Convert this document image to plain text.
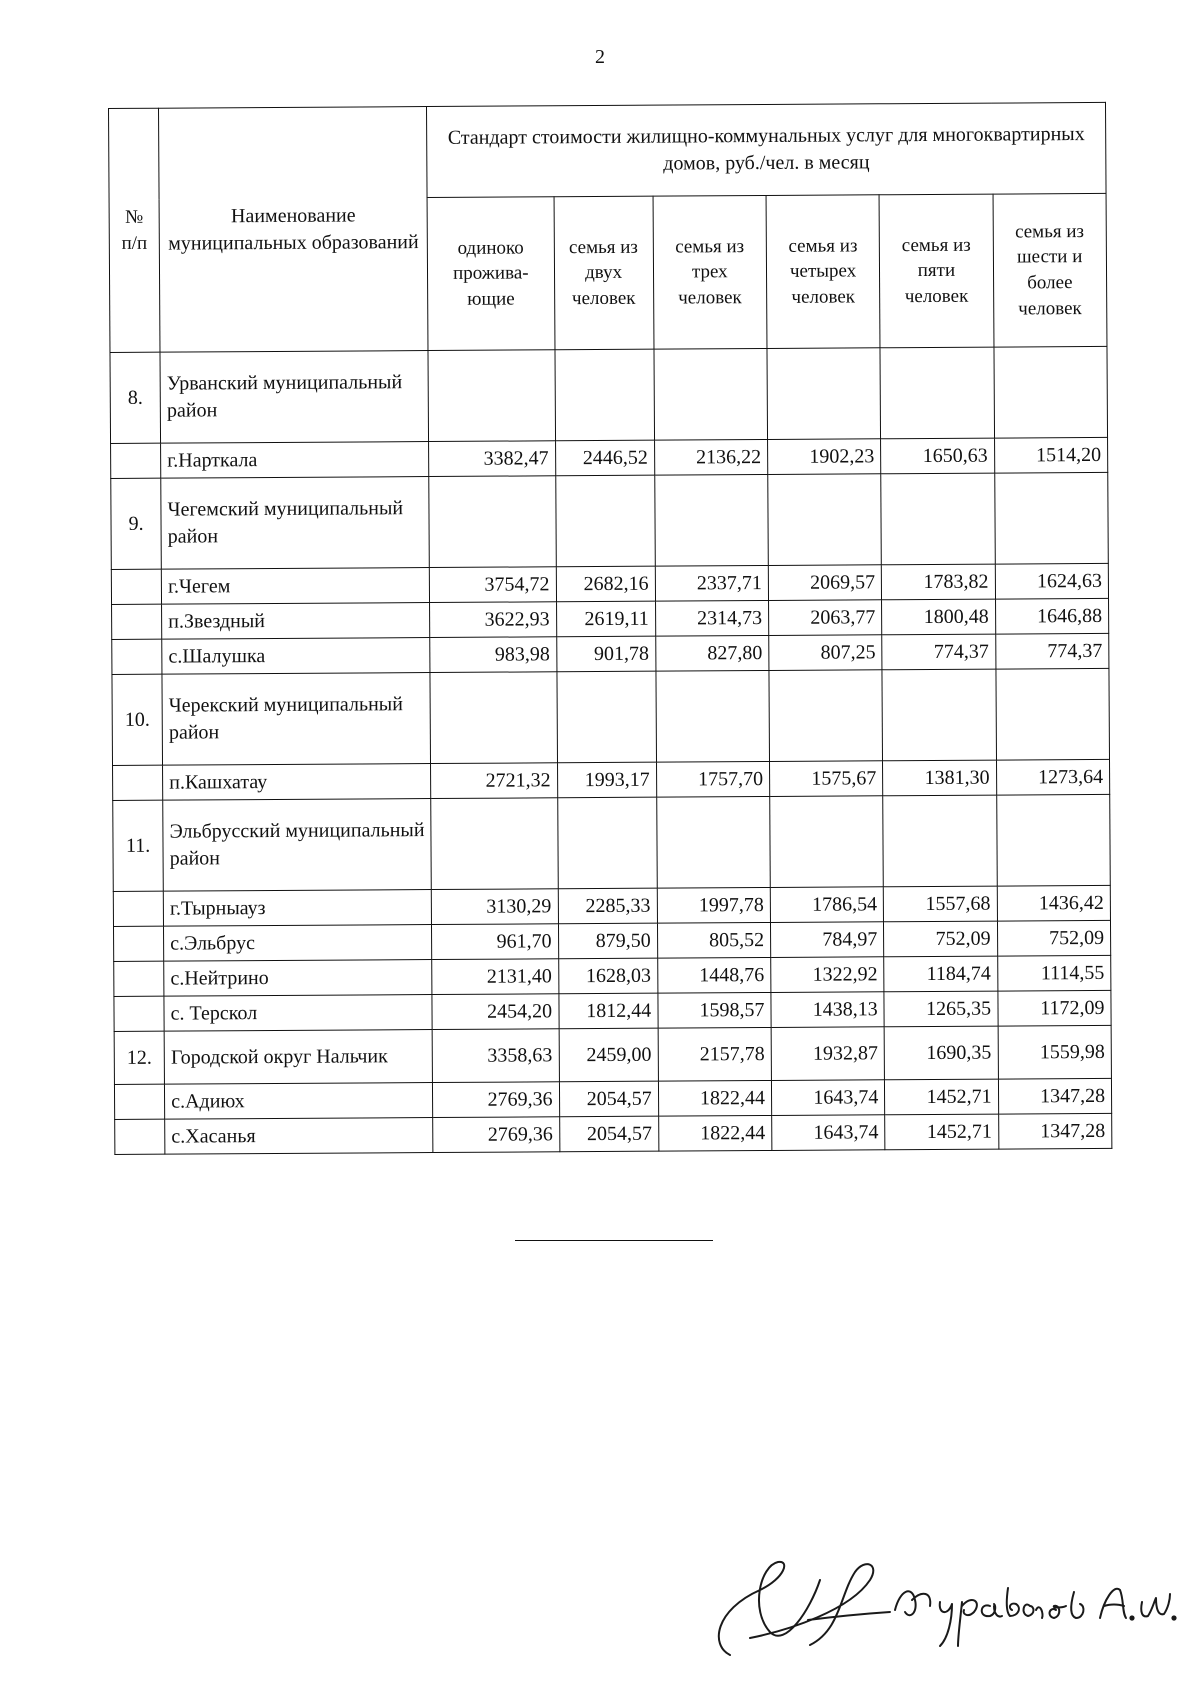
2
№ п/п	Наименование муниципальных образований	Стандарт стоимости жилищно-коммунальных услуг для многоквартирных домов, руб./чел. в месяц					
		одиноко прожива-ющие	семья из двух человек	семья из трех человек	семья из четырех человек	семья из пяти человек	семья из шести и более человек
8.	Урванский муниципальный район						
	г.Нарткала	3382,47	2446,52	2136,22	1902,23	1650,63	1514,20
9.	Чегемский муниципальный район						
	г.Чегем	3754,72	2682,16	2337,71	2069,57	1783,82	1624,63
	п.Звездный	3622,93	2619,11	2314,73	2063,77	1800,48	1646,88
	с.Шалушка	983,98	901,78	827,80	807,25	774,37	774,37
10.	Черекский муниципальный район						
	п.Кашхатау	2721,32	1993,17	1757,70	1575,67	1381,30	1273,64
11.	Эльбрусский муниципальный район						
	г.Тырныауз	3130,29	2285,33	1997,78	1786,54	1557,68	1436,42
	с.Эльбрус	961,70	879,50	805,52	784,97	752,09	752,09
	с.Нейтрино	2131,40	1628,03	1448,76	1322,92	1184,74	1114,55
	с. Терскол	2454,20	1812,44	1598,57	1438,13	1265,35	1172,09
12.	Городской округ Нальчик	3358,63	2459,00	2157,78	1932,87	1690,35	1559,98
	с.Адиюх	2769,36	2054,57	1822,44	1643,74	1452,71	1347,28
	с.Хасанья	2769,36	2054,57	1822,44	1643,74	1452,71	1347,28
